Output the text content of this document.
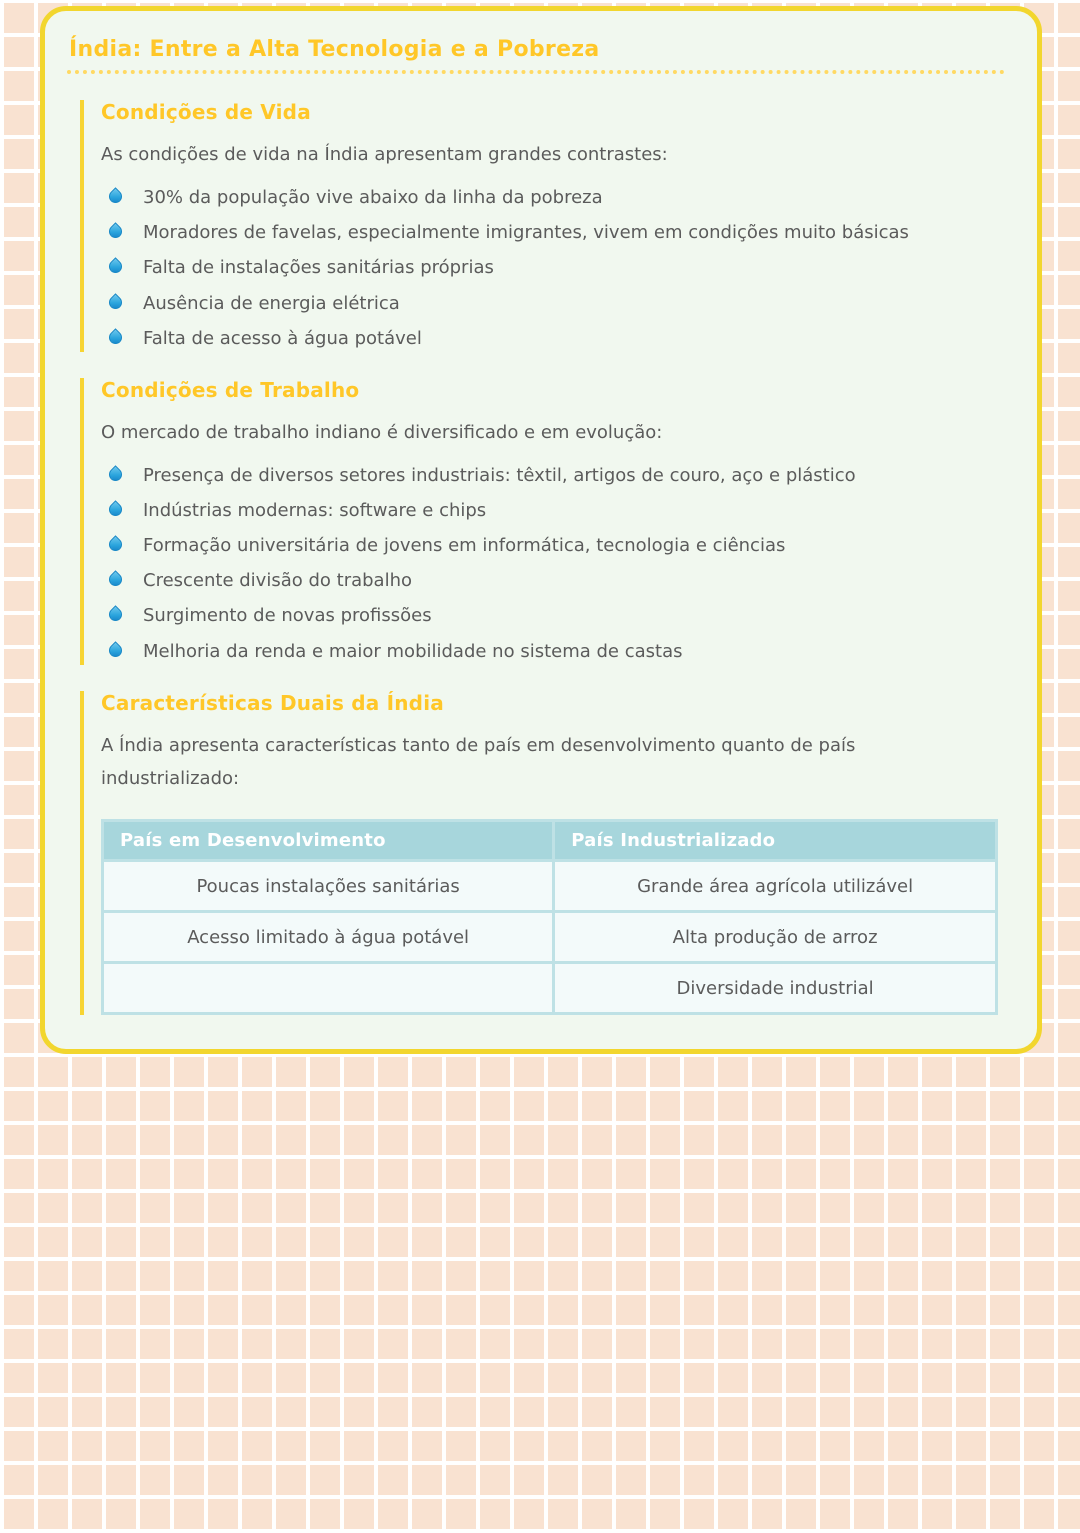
Índia: Entre a Alta Tecnologia e a Pobreza
Condições de Vida

As condições de vida na Índia apresentam grandes contrastes:

30% da população vive abaixo da linha da pobreza
Moradores de favelas, especialmente imigrantes, vivem em condições muito básicas
Falta de instalações sanitárias próprias
Ausência de energia elétrica
Falta de acesso à água potável
Condições de Trabalho

O mercado de trabalho indiano é diversificado e em evolução:

Presença de diversos setores industriais: têxtil, artigos de couro, aço e plástico
Indústrias modernas: software e chips
Formação universitária de jovens em informática, tecnologia e ciências
Crescente divisão do trabalho
Surgimento de novas profissões
Melhoria da renda e maior mobilidade no sistema de castas
Características Duais da Índia

A Índia apresenta características tanto de país em desenvolvimento quanto de país industrializado:

País em Desenvolvimento	País Industrializado
Poucas instalações sanitárias	Grande área agrícola utilizável
Acesso limitado à água potável	Alta produção de arroz
	Diversidade industrial
